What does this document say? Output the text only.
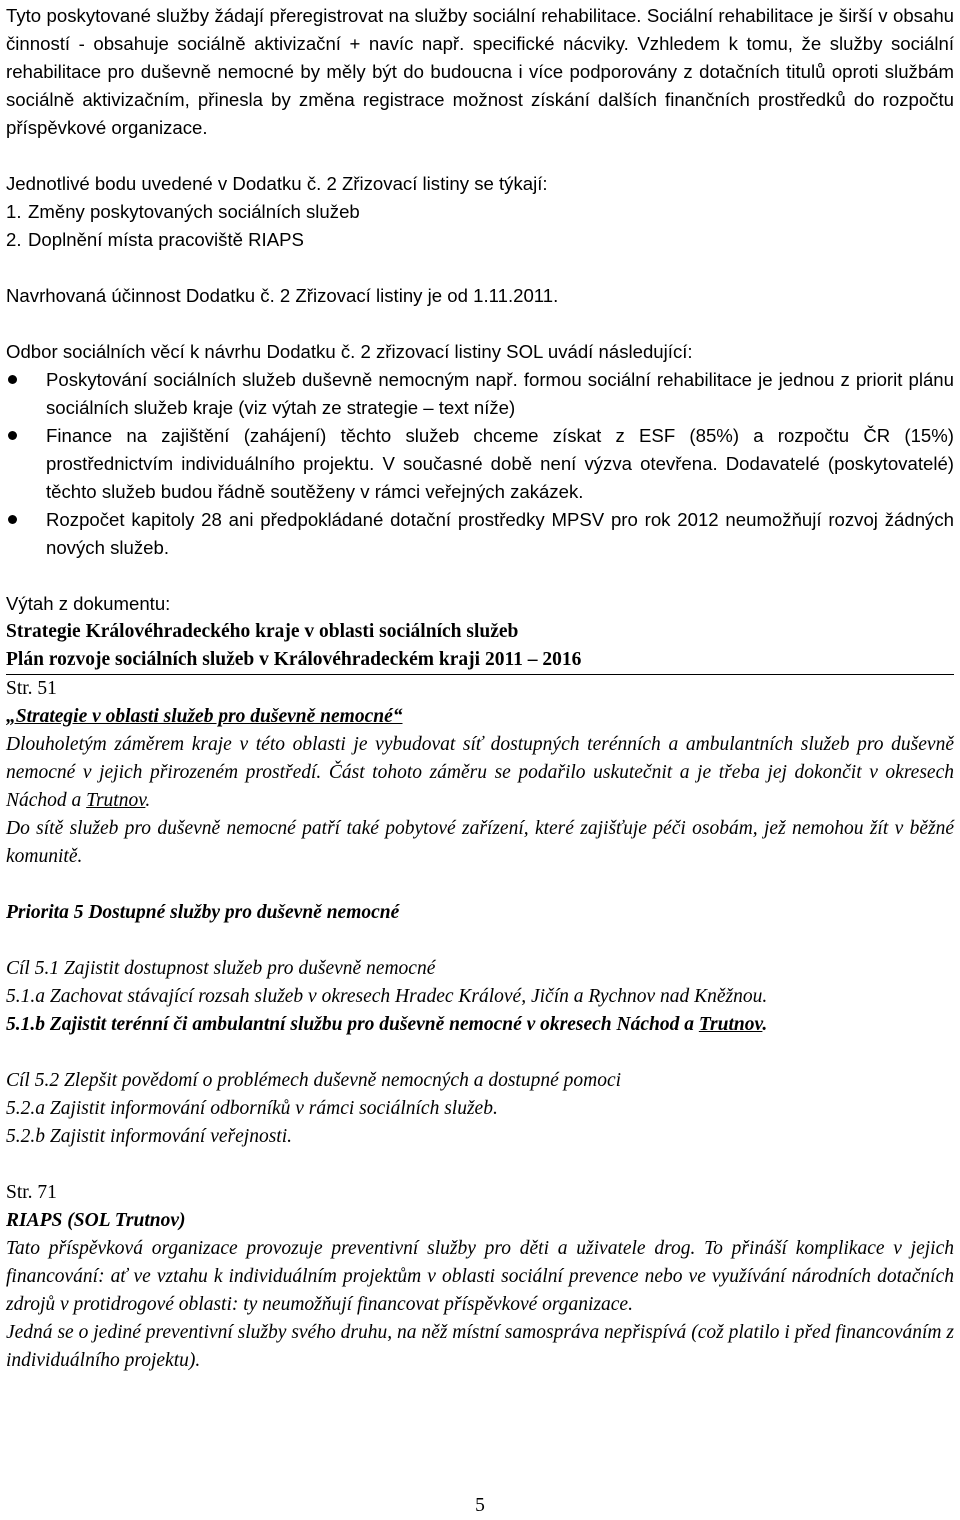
Tyto poskytované služby žádají přeregistrovat na služby sociální rehabilitace. Sociální rehabilitace je širší v obsahu činností - obsahuje sociálně aktivizační + navíc např. specifické nácviky. Vzhledem k tomu, že služby sociální rehabilitace pro duševně nemocné by měly být do budoucna i více podporovány z dotačních titulů oproti službám sociálně aktivizačním, přinesla by změna registrace možnost získání dalších finančních prostředků do rozpočtu příspěvkové organizace.

Jednotlivé bodu uvedené v Dodatku č. 2 Zřizovací listiny se týkají:

1. Změny poskytovaných sociálních služeb
2. Doplnění místa pracoviště RIAPS

Navrhovaná účinnost Dodatku č. 2 Zřizovací listiny je od 1.11.2011.

Odbor sociálních věcí k návrhu Dodatku č. 2 zřizovací listiny SOL uvádí následující:

Poskytování sociálních služeb duševně nemocným např. formou sociální rehabilitace je jednou z priorit plánu sociálních služeb kraje (viz výtah ze strategie – text níže)
Finance na zajištění (zahájení) těchto služeb chceme získat z ESF (85%) a rozpočtu ČR (15%) prostřednictvím individuálního projektu. V současné době není výzva otevřena. Dodavatelé (poskytovatelé) těchto služeb budou řádně soutěženy v rámci veřejných zakázek.
Rozpočet kapitoly 28 ani předpokládané dotační prostředky MPSV pro rok 2012 neumožňují rozvoj žádných nových služeb.

Výtah z dokumentu:

Strategie Královéhradeckého kraje v oblasti sociálních služeb

Plán rozvoje sociálních služeb v Královéhradeckém kraji 2011 – 2016

Str. 51

„Strategie v oblasti služeb pro duševně nemocné“

Dlouholetým záměrem kraje v této oblasti je vybudovat síť dostupných terénních a ambulantních služeb pro duševně nemocné v jejich přirozeném prostředí. Část tohoto záměru se podařilo uskutečnit a je třeba jej dokončit v okresech Náchod a Trutnov.

Do sítě služeb pro duševně nemocné patří také pobytové zařízení, které zajišťuje péči osobám, jež nemohou žít v běžné komunitě.

Priorita 5 Dostupné služby pro duševně nemocné

Cíl 5.1 Zajistit dostupnost služeb pro duševně nemocné

5.1.a Zachovat stávající rozsah služeb v okresech Hradec Králové, Jičín a Rychnov nad Kněžnou.

5.1.b Zajistit terénní či ambulantní službu pro duševně nemocné v okresech Náchod a Trutnov.

Cíl 5.2 Zlepšit povědomí o problémech duševně nemocných a dostupné pomoci

5.2.a Zajistit informování odborníků v rámci sociálních služeb.

5.2.b Zajistit informování veřejnosti.

Str. 71

RIAPS (SOL Trutnov)

Tato příspěvková organizace provozuje preventivní služby pro děti a uživatele drog. To přináší komplikace v jejich financování: ať ve vztahu k individuálním projektům v oblasti sociální prevence nebo ve využívání národních dotačních zdrojů v protidrogové oblasti: ty neumožňují financovat příspěvkové organizace.

Jedná se o jediné preventivní služby svého druhu, na něž místní samospráva nepřispívá (což platilo i před financováním z individuálního projektu).

5
